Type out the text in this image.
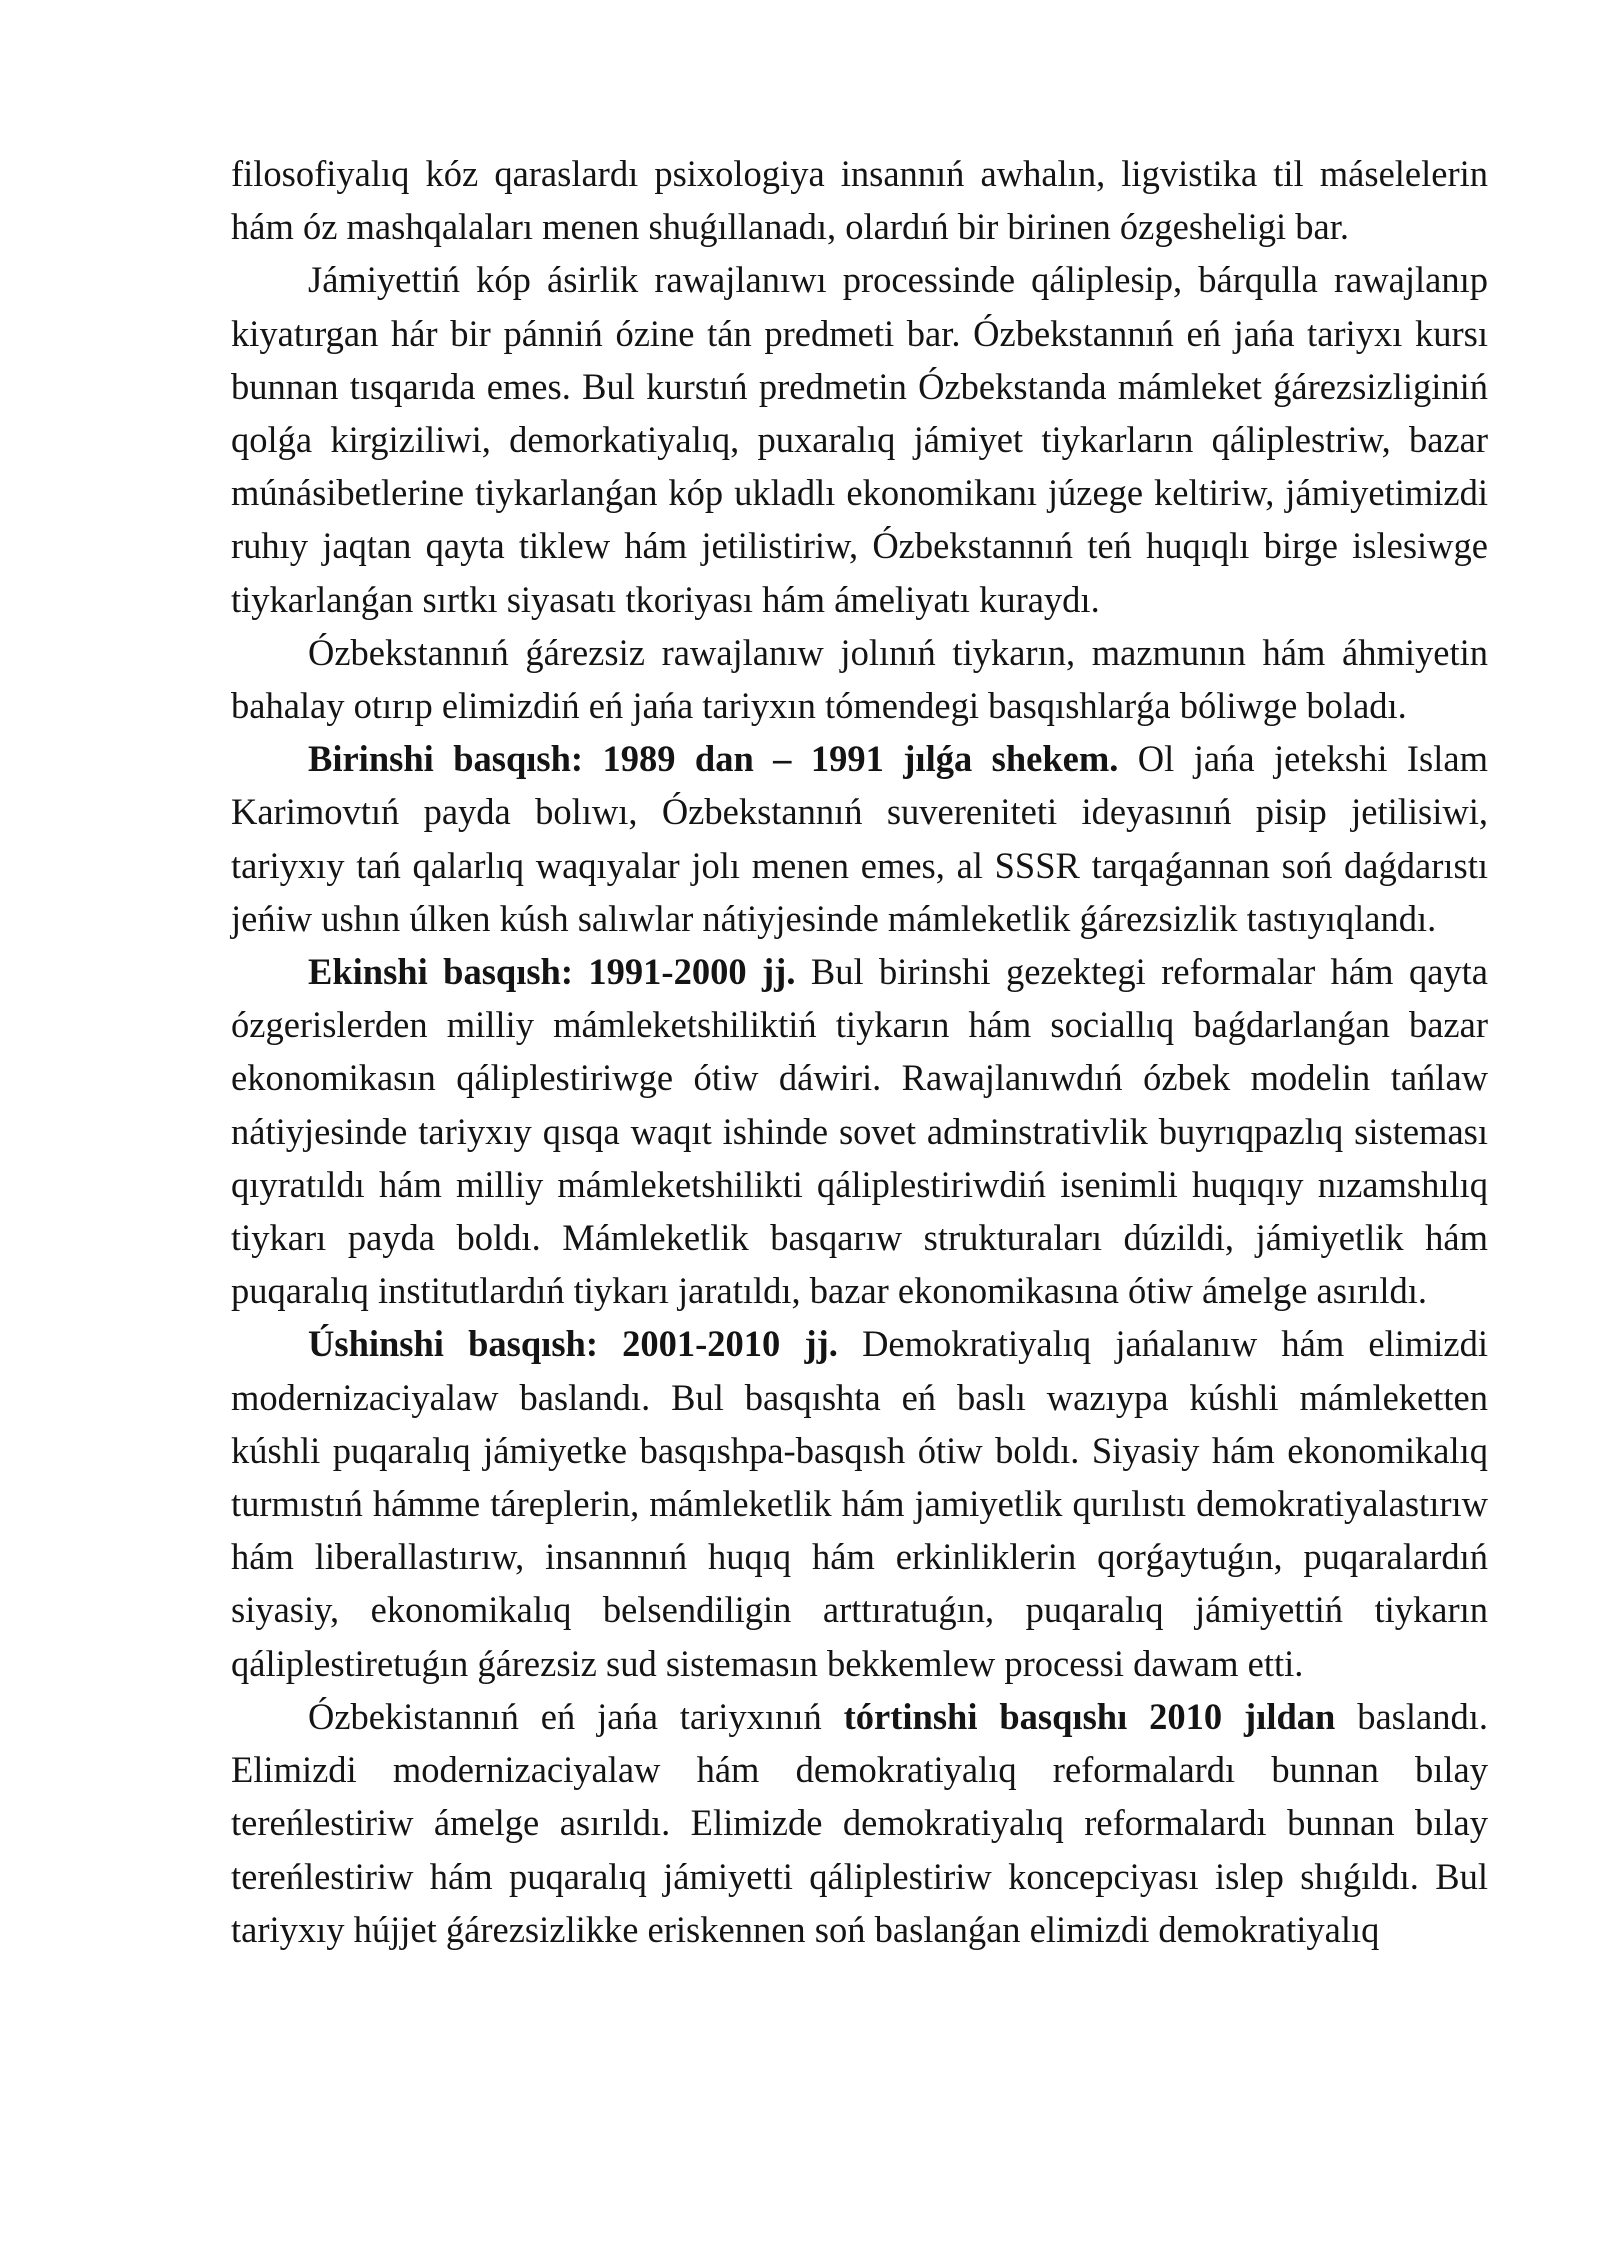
filosofiyalıq kóz qaraslardı psixologiya insannıń awhalın, ligvistika til máselelerin hám óz mashqalaları menen shuǵıllanadı, olardıń bir birinen ózgesheligi bar.

Jámiyettiń kóp ásirlik rawajlanıwı processinde qáliplesip, bárqulla rawajlanıp kiyatırgan hár bir pánniń ózine tán predmeti bar. Ózbekstannıń eń jańa tariyxı kursı bunnan tısqarıda emes. Bul kurstıń predmetin Ózbekstanda mámleket ǵárezsizliginiń qolǵa kirgiziliwi, demorkatiyalıq, puxaralıq jámiyet tiykarların qáliplestriw, bazar múnásibetlerine tiykarlanǵan kóp ukladlı ekonomikanı júzege keltiriw, jámiyetimizdi ruhıy jaqtan qayta tiklew hám jetilistiriw, Ózbekstannıń teń huqıqlı birge islesiwge tiykarlanǵan sırtkı siyasatı tkoriyası hám ámeliyatı kuraydı.

Ózbekstannıń ǵárezsiz rawajlanıw jolınıń tiykarın, mazmunın hám áhmiyetin bahalay otırıp elimizdiń eń jańa tariyxın tómendegi basqıshlarǵa bóliwge boladı.

Birinshi basqısh: 1989 dan – 1991 jılǵa shekem. Ol jańa jetekshi Islam Karimovtıń payda bolıwı, Ózbekstannıń suvereniteti ideyasınıń pisip jetilisiwi, tariyxıy tań qalarlıq waqıyalar jolı menen emes, al SSSR tarqaǵannan soń daǵdarıstı jeńiw ushın úlken kúsh salıwlar nátiyjesinde mámleketlik ǵárezsizlik tastıyıqlandı.

Ekinshi basqısh: 1991-2000 jj. Bul birinshi gezektegi reformalar hám qayta ózgerislerden milliy mámleketshiliktiń tiykarın hám sociallıq baǵdarlanǵan bazar ekonomikasın qáliplestiriwge ótiw dáwiri. Rawajlanıwdıń ózbek modelin tańlaw nátiyjesinde tariyxıy qısqa waqıt ishinde sovet adminstrativlik buyrıqpazlıq sisteması qıyratıldı hám milliy mámleketshilikti qáliplestiriwdiń isenimli huqıqıy nızamshılıq tiykarı payda boldı. Mámleketlik basqarıw strukturaları dúzildi, jámiyetlik hám puqaralıq institutlardıń tiykarı jaratıldı, bazar ekonomikasına ótiw ámelge asırıldı.

Úshinshi basqısh: 2001-2010 jj. Demokratiyalıq jańalanıw hám elimizdi modernizaciyalaw baslandı. Bul basqıshta eń baslı wazıypa kúshli mámleketten kúshli puqaralıq jámiyetke basqıshpa-basqısh ótiw boldı. Siyasiy hám ekonomikalıq turmıstıń hámme táreplerin, mámleketlik hám jamiyetlik qurılıstı demokratiyalastırıw hám liberallastırıw, insannnıń huqıq hám erkinliklerin qorǵaytuǵın, puqaralardıń siyasiy, ekonomikalıq belsendiligin arttıratuǵın, puqaralıq jámiyettiń tiykarın qáliplestiretuǵın ǵárezsiz sud sistemasın bekkemlew processi dawam etti.

Ózbekistannıń eń jańa tariyxınıń tórtinshi basqıshı 2010 jıldan baslandı. Elimizdi modernizaciyalaw hám demokratiyalıq reformalardı bunnan bılay tereńlestiriw ámelge asırıldı. Elimizde demokratiyalıq reformalardı bunnan bılay tereńlestiriw hám puqaralıq jámiyetti qáliplestiriw koncepciyası islep shıǵıldı. Bul tariyxıy hújjet ǵárezsizlikke eriskennen soń baslanǵan elimizdi demokratiyalıq
